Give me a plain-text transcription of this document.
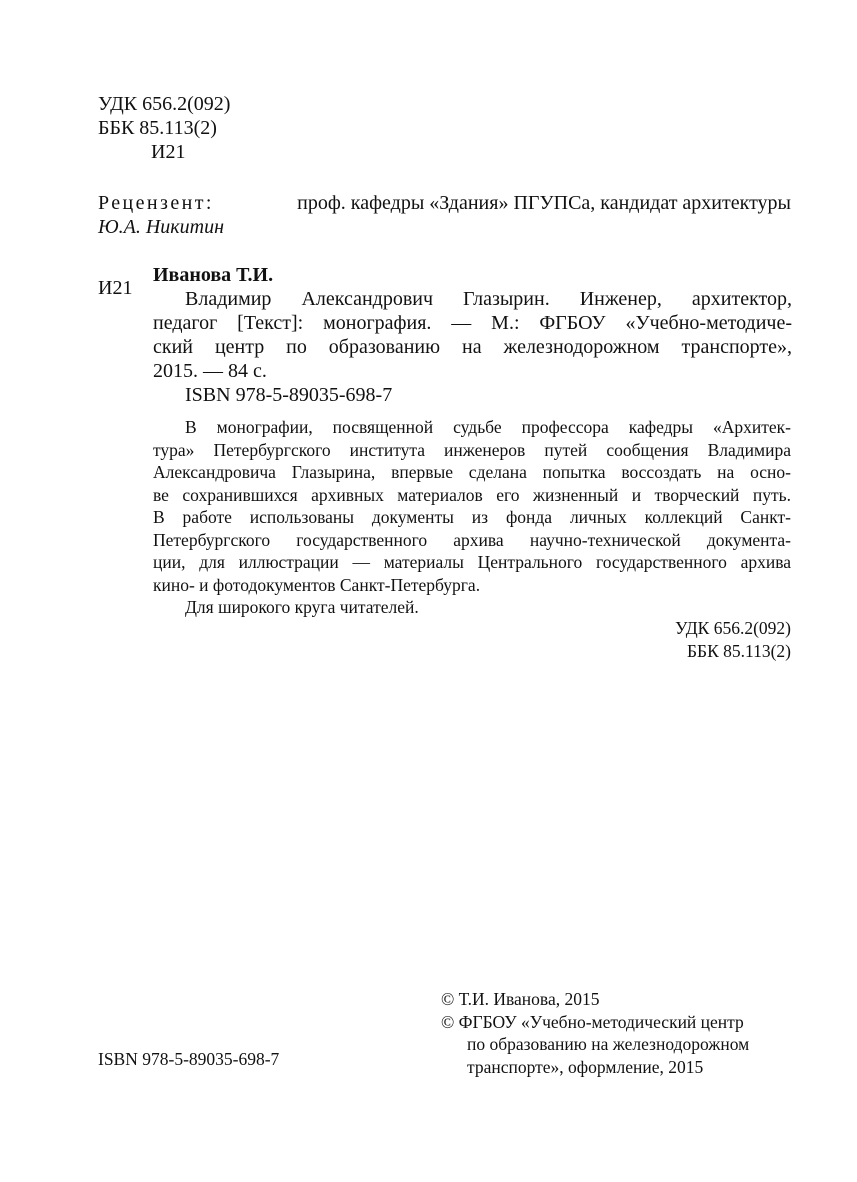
УДК 656.2(092)
ББК 85.113(2)
И21
Рецензент:	проф. кафедры «Здания» ПГУПСа, кандидат архитектуры
Ю.А. Никитин
И21

Иванова Т.И.

Владимир Александрович Глазырин. Инженер, архитектор,

педагог [Текст]: монография. — М.: ФГБОУ «Учебно-методиче-

ский центр по образованию на железнодорожном транспорте»,

2015. — 84 с.

ISBN 978-5-89035-698-7

В монографии, посвященной судьбе профессора кафедры «Архитек-

тура» Петербургского института инженеров путей сообщения Владимира

Александровича Глазырина, впервые сделана попытка воссоздать на осно-

ве сохранившихся архивных материалов его жизненный и творческий путь.

В работе использованы документы из фонда личных коллекций Санкт-

Петербургского государственного архива научно-технической документа-

ции, для иллюстрации — материалы Центрального государственного архива

кино- и фотодокументов Санкт-Петербурга.

Для широкого круга читателей.

УДК 656.2(092)
ББК 85.113(2)
© Т.И. Иванова, 2015
© ФГБОУ «Учебно-методический центр
по образованию на железнодорожном
транспорте», оформление, 2015
ISBN 978-5-89035-698-7
